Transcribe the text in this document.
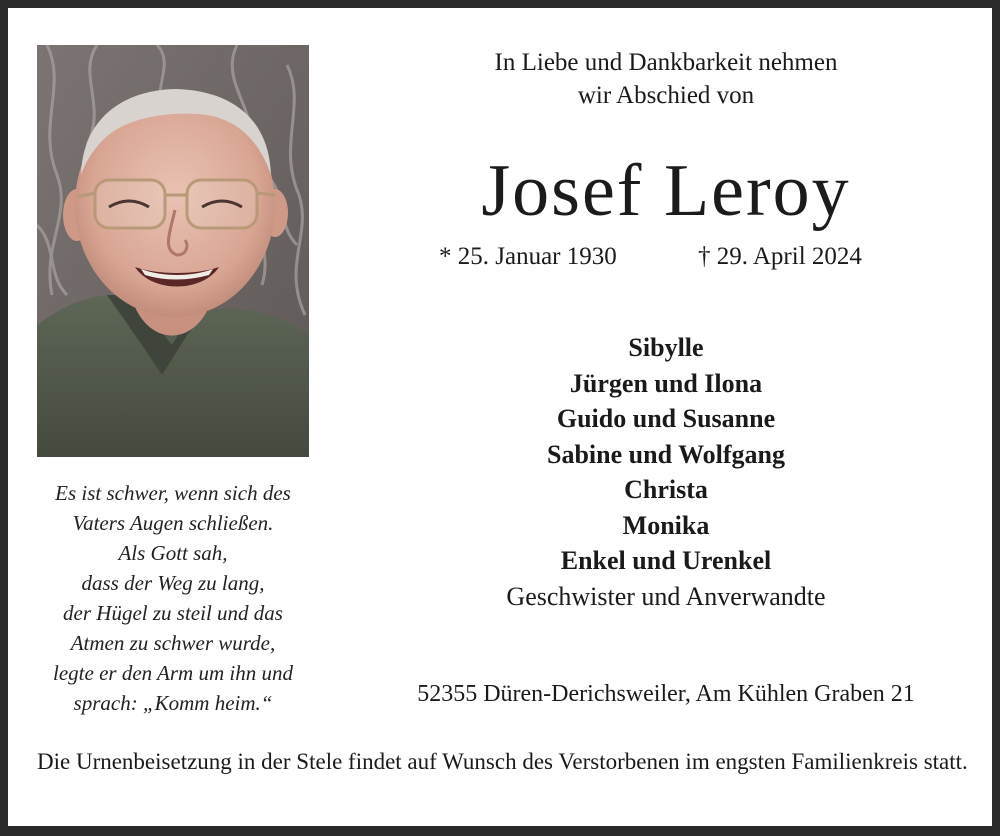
Es ist schwer, wenn sich des
Vaters Augen schließen.
Als Gott sah,
dass der Weg zu lang,
der Hügel zu steil und das
Atmen zu schwer wurde,
legte er den Arm um ihn und
sprach: „Komm heim.“
In Liebe und Dankbarkeit nehmen
wir Abschied von
Josef Leroy
* 25. Januar 1930	† 29. April 2024
Sibylle
Jürgen und Ilona
Guido und Susanne
Sabine und Wolfgang
Christa
Monika
Enkel und Urenkel
Geschwister und Anverwandte
52355 Düren-Derichsweiler, Am Kühlen Graben 21
Die Urnenbeisetzung in der Stele findet auf Wunsch des Verstorbenen im engsten Familienkreis statt.
